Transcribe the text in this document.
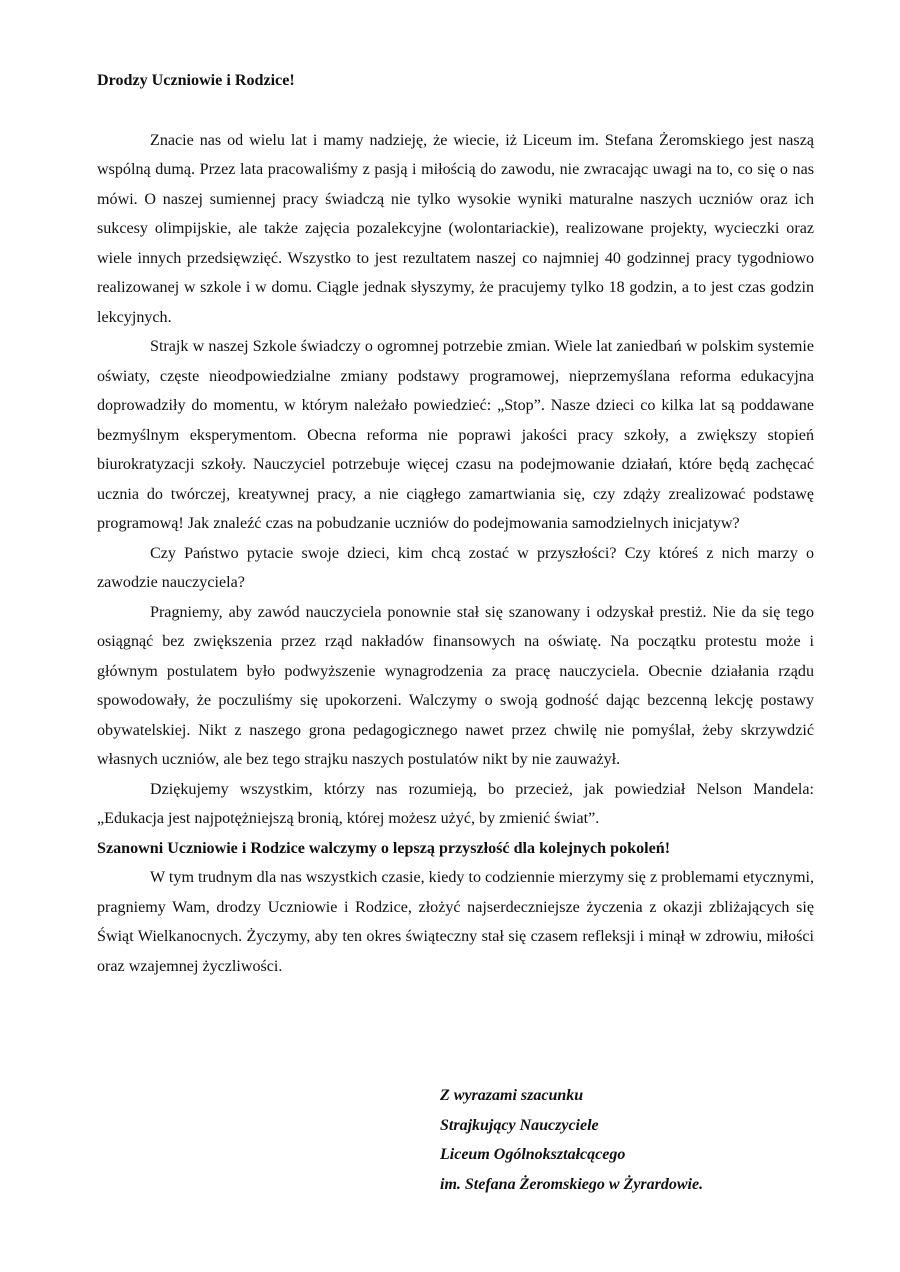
Drodzy Uczniowie i Rodzice!

Znacie nas od wielu lat i mamy nadzieję, że wiecie, iż Liceum im. Stefana Żeromskiego jest naszą wspólną dumą. Przez lata pracowaliśmy z pasją i miłością do zawodu, nie zwracając uwagi na to, co się o nas mówi. O naszej sumiennej pracy świadczą nie tylko wysokie wyniki maturalne naszych uczniów oraz ich sukcesy olimpijskie, ale także zajęcia pozalekcyjne (wolontariackie), realizowane projekty, wycieczki oraz wiele innych przedsięwzięć. Wszystko to jest rezultatem naszej co najmniej 40 godzinnej pracy tygodniowo realizowanej w szkole i w domu. Ciągle jednak słyszymy, że pracujemy tylko 18 godzin, a to jest czas godzin lekcyjnych.

Strajk w naszej Szkole świadczy o ogromnej potrzebie zmian. Wiele lat zaniedbań w polskim systemie oświaty, częste nieodpowiedzialne zmiany podstawy programowej, nieprzemyślana reforma edukacyjna doprowadziły do momentu, w którym należało powiedzieć: „Stop”. Nasze dzieci co kilka lat są poddawane bezmyślnym eksperymentom. Obecna reforma nie poprawi jakości pracy szkoły, a zwiększy stopień biurokratyzacji szkoły. Nauczyciel potrzebuje więcej czasu na podejmowanie działań, które będą zachęcać ucznia do twórczej, kreatywnej pracy, a nie ciągłego zamartwiania się, czy zdąży zrealizować podstawę programową! Jak znaleźć czas na pobudzanie uczniów do podejmowania samodzielnych inicjatyw?

Czy Państwo pytacie swoje dzieci, kim chcą zostać w przyszłości? Czy któreś z nich marzy o zawodzie nauczyciela?

Pragniemy, aby zawód nauczyciela ponownie stał się szanowany i odzyskał prestiż. Nie da się tego osiągnąć bez zwiększenia przez rząd nakładów finansowych na oświatę. Na początku protestu może i głównym postulatem było podwyższenie wynagrodzenia za pracę nauczyciela. Obecnie działania rządu spowodowały, że poczuliśmy się upokorzeni. Walczymy o swoją godność dając bezcenną lekcję postawy obywatelskiej. Nikt z naszego grona pedagogicznego nawet przez chwilę nie pomyślał, żeby skrzywdzić własnych uczniów, ale bez tego strajku naszych postulatów nikt by nie zauważył.

Dziękujemy wszystkim, którzy nas rozumieją, bo przecież, jak powiedział Nelson Mandela: „Edukacja jest najpotężniejszą bronią, której możesz użyć, by zmienić świat”.

Szanowni Uczniowie i Rodzice walczymy o lepszą przyszłość dla kolejnych pokoleń!

W tym trudnym dla nas wszystkich czasie, kiedy to codziennie mierzymy się z problemami etycznymi, pragniemy Wam, drodzy Uczniowie i Rodzice, złożyć najserdeczniejsze życzenia z okazji zbliżających się Świąt Wielkanocnych. Życzymy, aby ten okres świąteczny stał się czasem refleksji i minął w zdrowiu, miłości oraz wzajemnej życzliwości.

Z wyrazami szacunku
Strajkujący Nauczyciele
Liceum Ogólnokształcącego
im. Stefana Żeromskiego w Żyrardowie.
